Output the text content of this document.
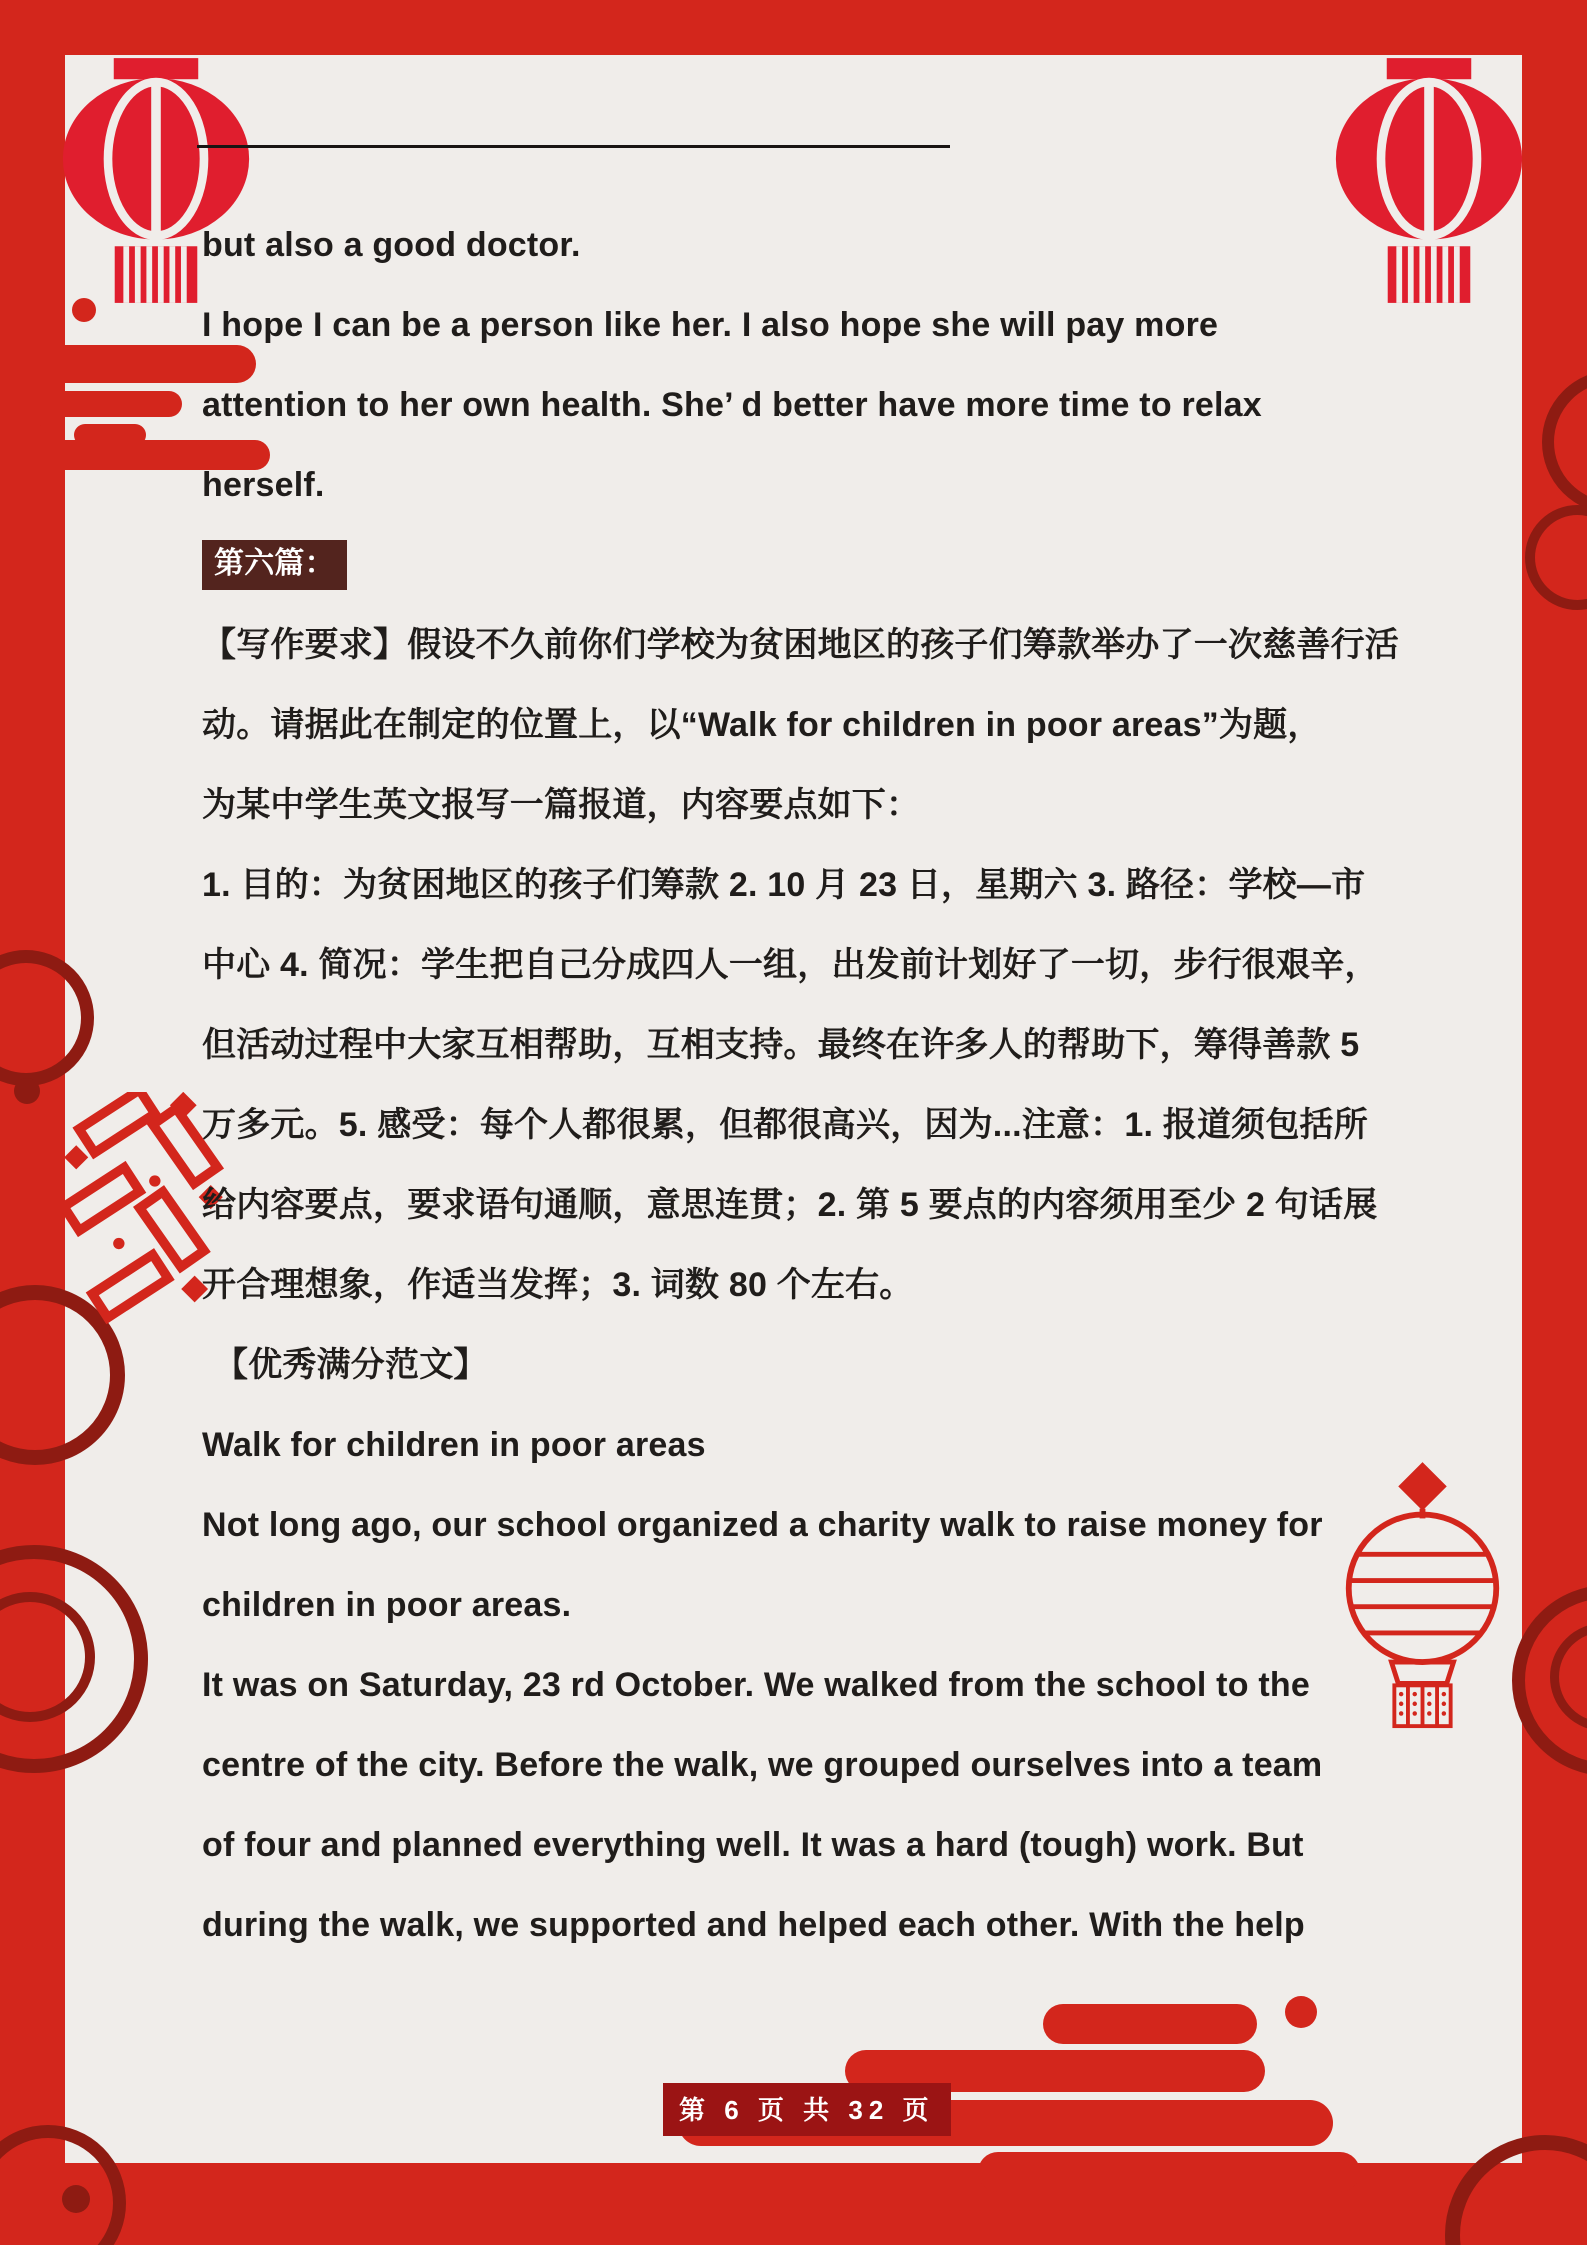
but also a good doctor.
I hope I can be a person like her. I also hope she will pay more
attention to her own health. She’ d better have more time to relax
herself.
第六篇：
【写作要求】假设不久前你们学校为贫困地区的孩子们筹款举办了一次慈善行活
动。请据此在制定的位置上，以“Walk for children in poor areas”为题，
为某中学生英文报写一篇报道，内容要点如下：
1. 目的：为贫困地区的孩子们筹款 2. 10 月 23 日，星期六 3. 路径：学校—市
中心 4. 简况：学生把自己分成四人一组，出发前计划好了一切，步行很艰辛，
但活动过程中大家互相帮助，互相支持。最终在许多人的帮助下，筹得善款 5
万多元。5. 感受：每个人都很累，但都很高兴，因为...注意：1. 报道须包括所
给内容要点，要求语句通顺，意思连贯；2. 第 5 要点的内容须用至少 2 句话展
开合理想象，作适当发挥；3. 词数 80 个左右。
【优秀满分范文】
Walk for children in poor areas
Not long ago, our school organized a charity walk to raise money for
children in poor areas.
It was on Saturday, 23 rd October. We walked from the school to the
centre of the city. Before the walk, we grouped ourselves into a team
of four and planned everything well. It was a hard (tough) work. But
during the walk, we supported and helped each other. With the help
第 6 页 共 32 页
